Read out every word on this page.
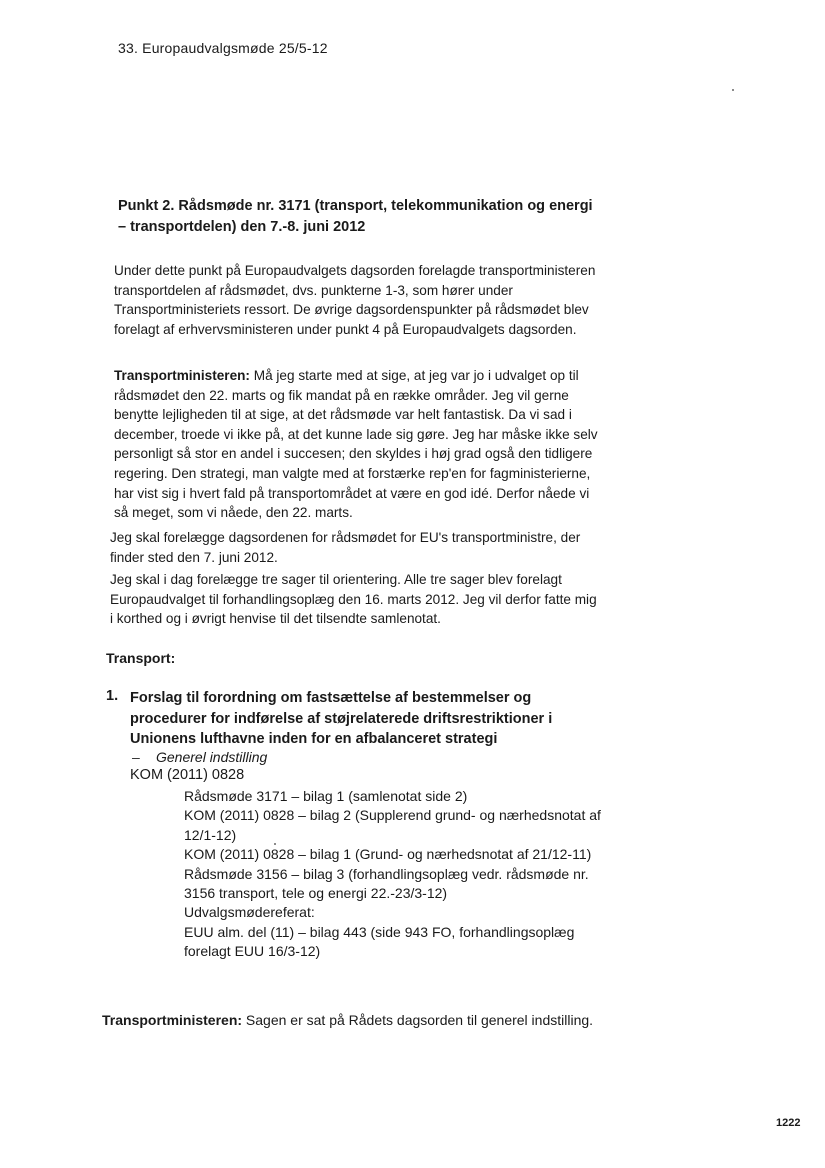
33. Europaudvalgsmøde 25/5-12
Punkt 2. Rådsmøde nr. 3171 (transport, telekommunikation og energi – transportdelen) den 7.-8. juni 2012

Under dette punkt på Europaudvalgets dagsorden forelagde transportministeren transportdelen af rådsmødet, dvs. punkterne 1-3, som hører under Transportministeriets ressort. De øvrige dagsordenspunkter på rådsmødet blev forelagt af erhvervsministeren under punkt 4 på Europaudvalgets dagsorden.

Transportministeren: Må jeg starte med at sige, at jeg var jo i udvalget op til rådsmødet den 22. marts og fik mandat på en række områder. Jeg vil gerne benytte lejligheden til at sige, at det rådsmøde var helt fantastisk. Da vi sad i december, troede vi ikke på, at det kunne lade sig gøre. Jeg har måske ikke selv personligt så stor en andel i succesen; den skyldes i høj grad også den tidligere regering. Den strategi, man valgte med at forstærke rep'en for fagministerierne, har vist sig i hvert fald på transportområdet at være en god idé. Derfor nåede vi så meget, som vi nåede, den 22. marts.

Jeg skal forelægge dagsordenen for rådsmødet for EU's transportministre, der finder sted den 7. juni 2012.

Jeg skal i dag forelægge tre sager til orientering. Alle tre sager blev forelagt Europaudvalget til forhandlingsoplæg den 16. marts 2012. Jeg vil derfor fatte mig i korthed og i øvrigt henvise til det tilsendte samlenotat.

Transport:
1. Forslag til forordning om fastsættelse af bestemmelser og procedurer for indførelse af støjrelaterede driftsrestriktioner i Unionens lufthavne inden for en afbalanceret strategi
– Generel indstilling
KOM (2011) 0828
Rådsmøde 3171 – bilag 1 (samlenotat side 2)
KOM (2011) 0828 – bilag 2 (Supplerend grund- og nærhedsnotat af 12/1-12)
KOM (2011) 0828 – bilag 1 (Grund- og nærhedsnotat af 21/12-11)
Rådsmøde 3156 – bilag 3 (forhandlingsoplæg vedr. rådsmøde nr. 3156 transport, tele og energi 22.-23/3-12)
Udvalgsmødereferat:
EUU alm. del (11) – bilag 443 (side 943 FO, forhandlingsoplæg forelagt EUU 16/3-12)

Transportministeren: Sagen er sat på Rådets dagsorden til generel indstilling.

1222
